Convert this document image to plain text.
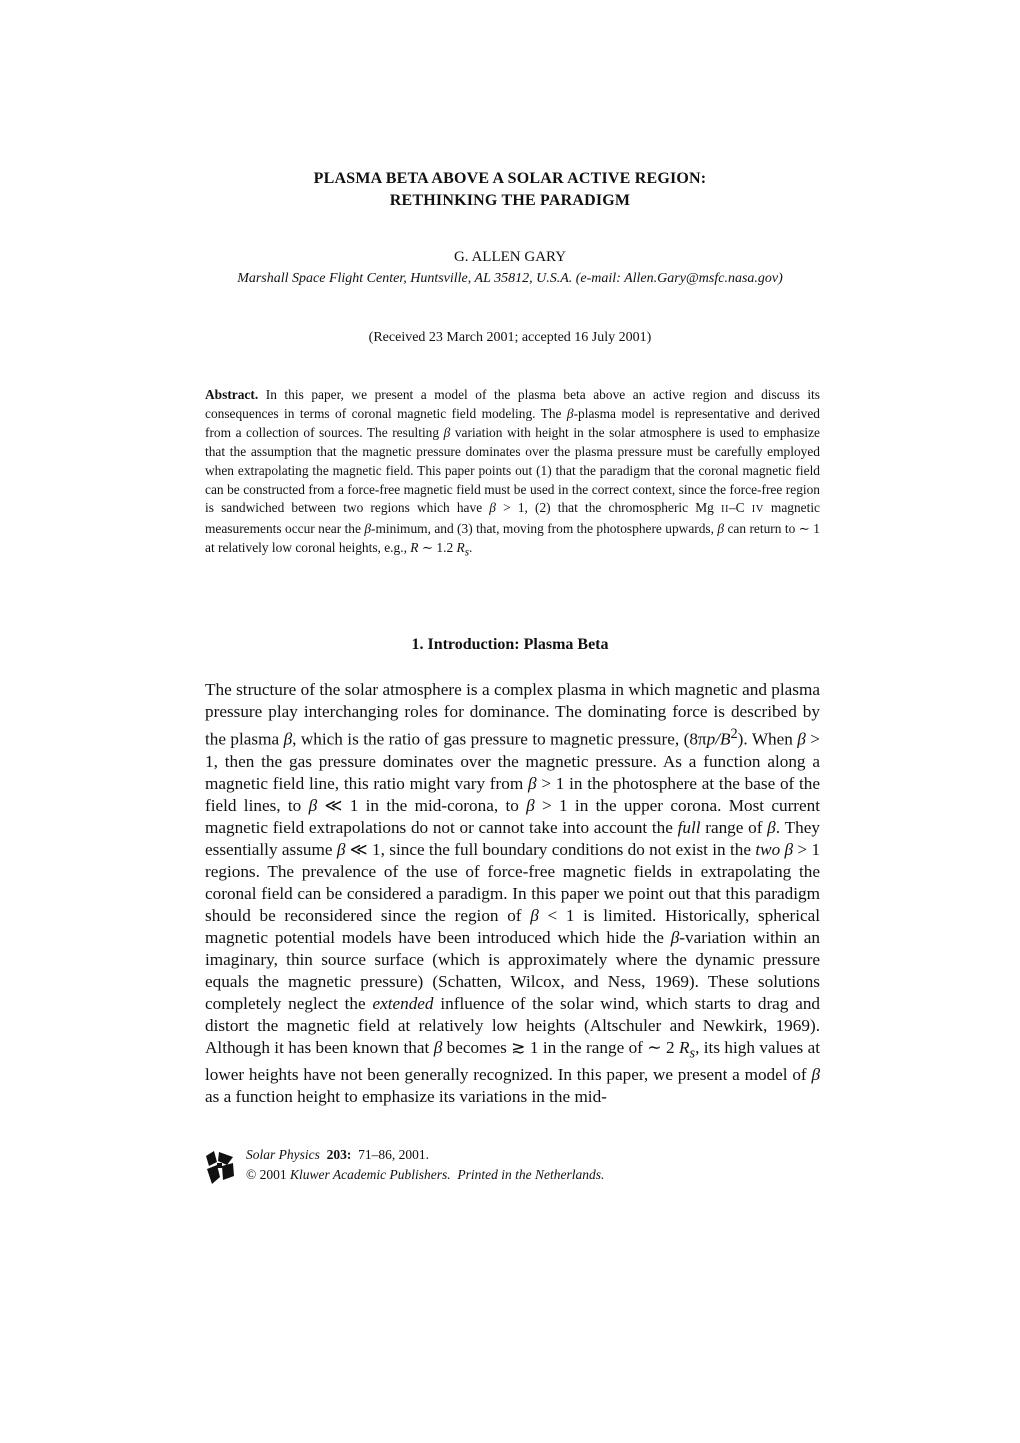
PLASMA BETA ABOVE A SOLAR ACTIVE REGION:
RETHINKING THE PARADIGM
G. ALLEN GARY
Marshall Space Flight Center, Huntsville, AL 35812, U.S.A. (e-mail: Allen.Gary@msfc.nasa.gov)
(Received 23 March 2001; accepted 16 July 2001)
Abstract. In this paper, we present a model of the plasma beta above an active region and discuss its consequences in terms of coronal magnetic field modeling. The β-plasma model is representative and derived from a collection of sources. The resulting β variation with height in the solar atmosphere is used to emphasize that the assumption that the magnetic pressure dominates over the plasma pressure must be carefully employed when extrapolating the magnetic field. This paper points out (1) that the paradigm that the coronal magnetic field can be constructed from a force-free magnetic field must be used in the correct context, since the force-free region is sandwiched between two regions which have β > 1, (2) that the chromospheric Mg II–C IV magnetic measurements occur near the β-minimum, and (3) that, moving from the photosphere upwards, β can return to ∼ 1 at relatively low coronal heights, e.g., R ∼ 1.2 $R_s$.
1. Introduction: Plasma Beta
The structure of the solar atmosphere is a complex plasma in which magnetic and plasma pressure play interchanging roles for dominance. The dominating force is described by the plasma β, which is the ratio of gas pressure to magnetic pressure, $(8\pi p/B^2)$. When β > 1, then the gas pressure dominates over the magnetic pressure. As a function along a magnetic field line, this ratio might vary from β > 1 in the photosphere at the base of the field lines, to β ≪ 1 in the mid-corona, to β > 1 in the upper corona. Most current magnetic field extrapolations do not or cannot take into account the full range of β. They essentially assume β ≪ 1, since the full boundary conditions do not exist in the two β > 1 regions. The prevalence of the use of force-free magnetic fields in extrapolating the coronal field can be considered a paradigm. In this paper we point out that this paradigm should be reconsidered since the region of β < 1 is limited. Historically, spherical magnetic potential models have been introduced which hide the β-variation within an imaginary, thin source surface (which is approximately where the dynamic pressure equals the magnetic pressure) (Schatten, Wilcox, and Ness, 1969). These solutions completely neglect the extended influence of the solar wind, which starts to drag and distort the magnetic field at relatively low heights (Altschuler and Newkirk, 1969). Although it has been known that β becomes ≳ 1 in the range of ∼ 2 $R_s$, its high values at lower heights have not been generally recognized. In this paper, we present a model of β as a function height to emphasize its variations in the mid-
Solar Physics 203: 71–86, 2001.
© 2001 Kluwer Academic Publishers. Printed in the Netherlands.
